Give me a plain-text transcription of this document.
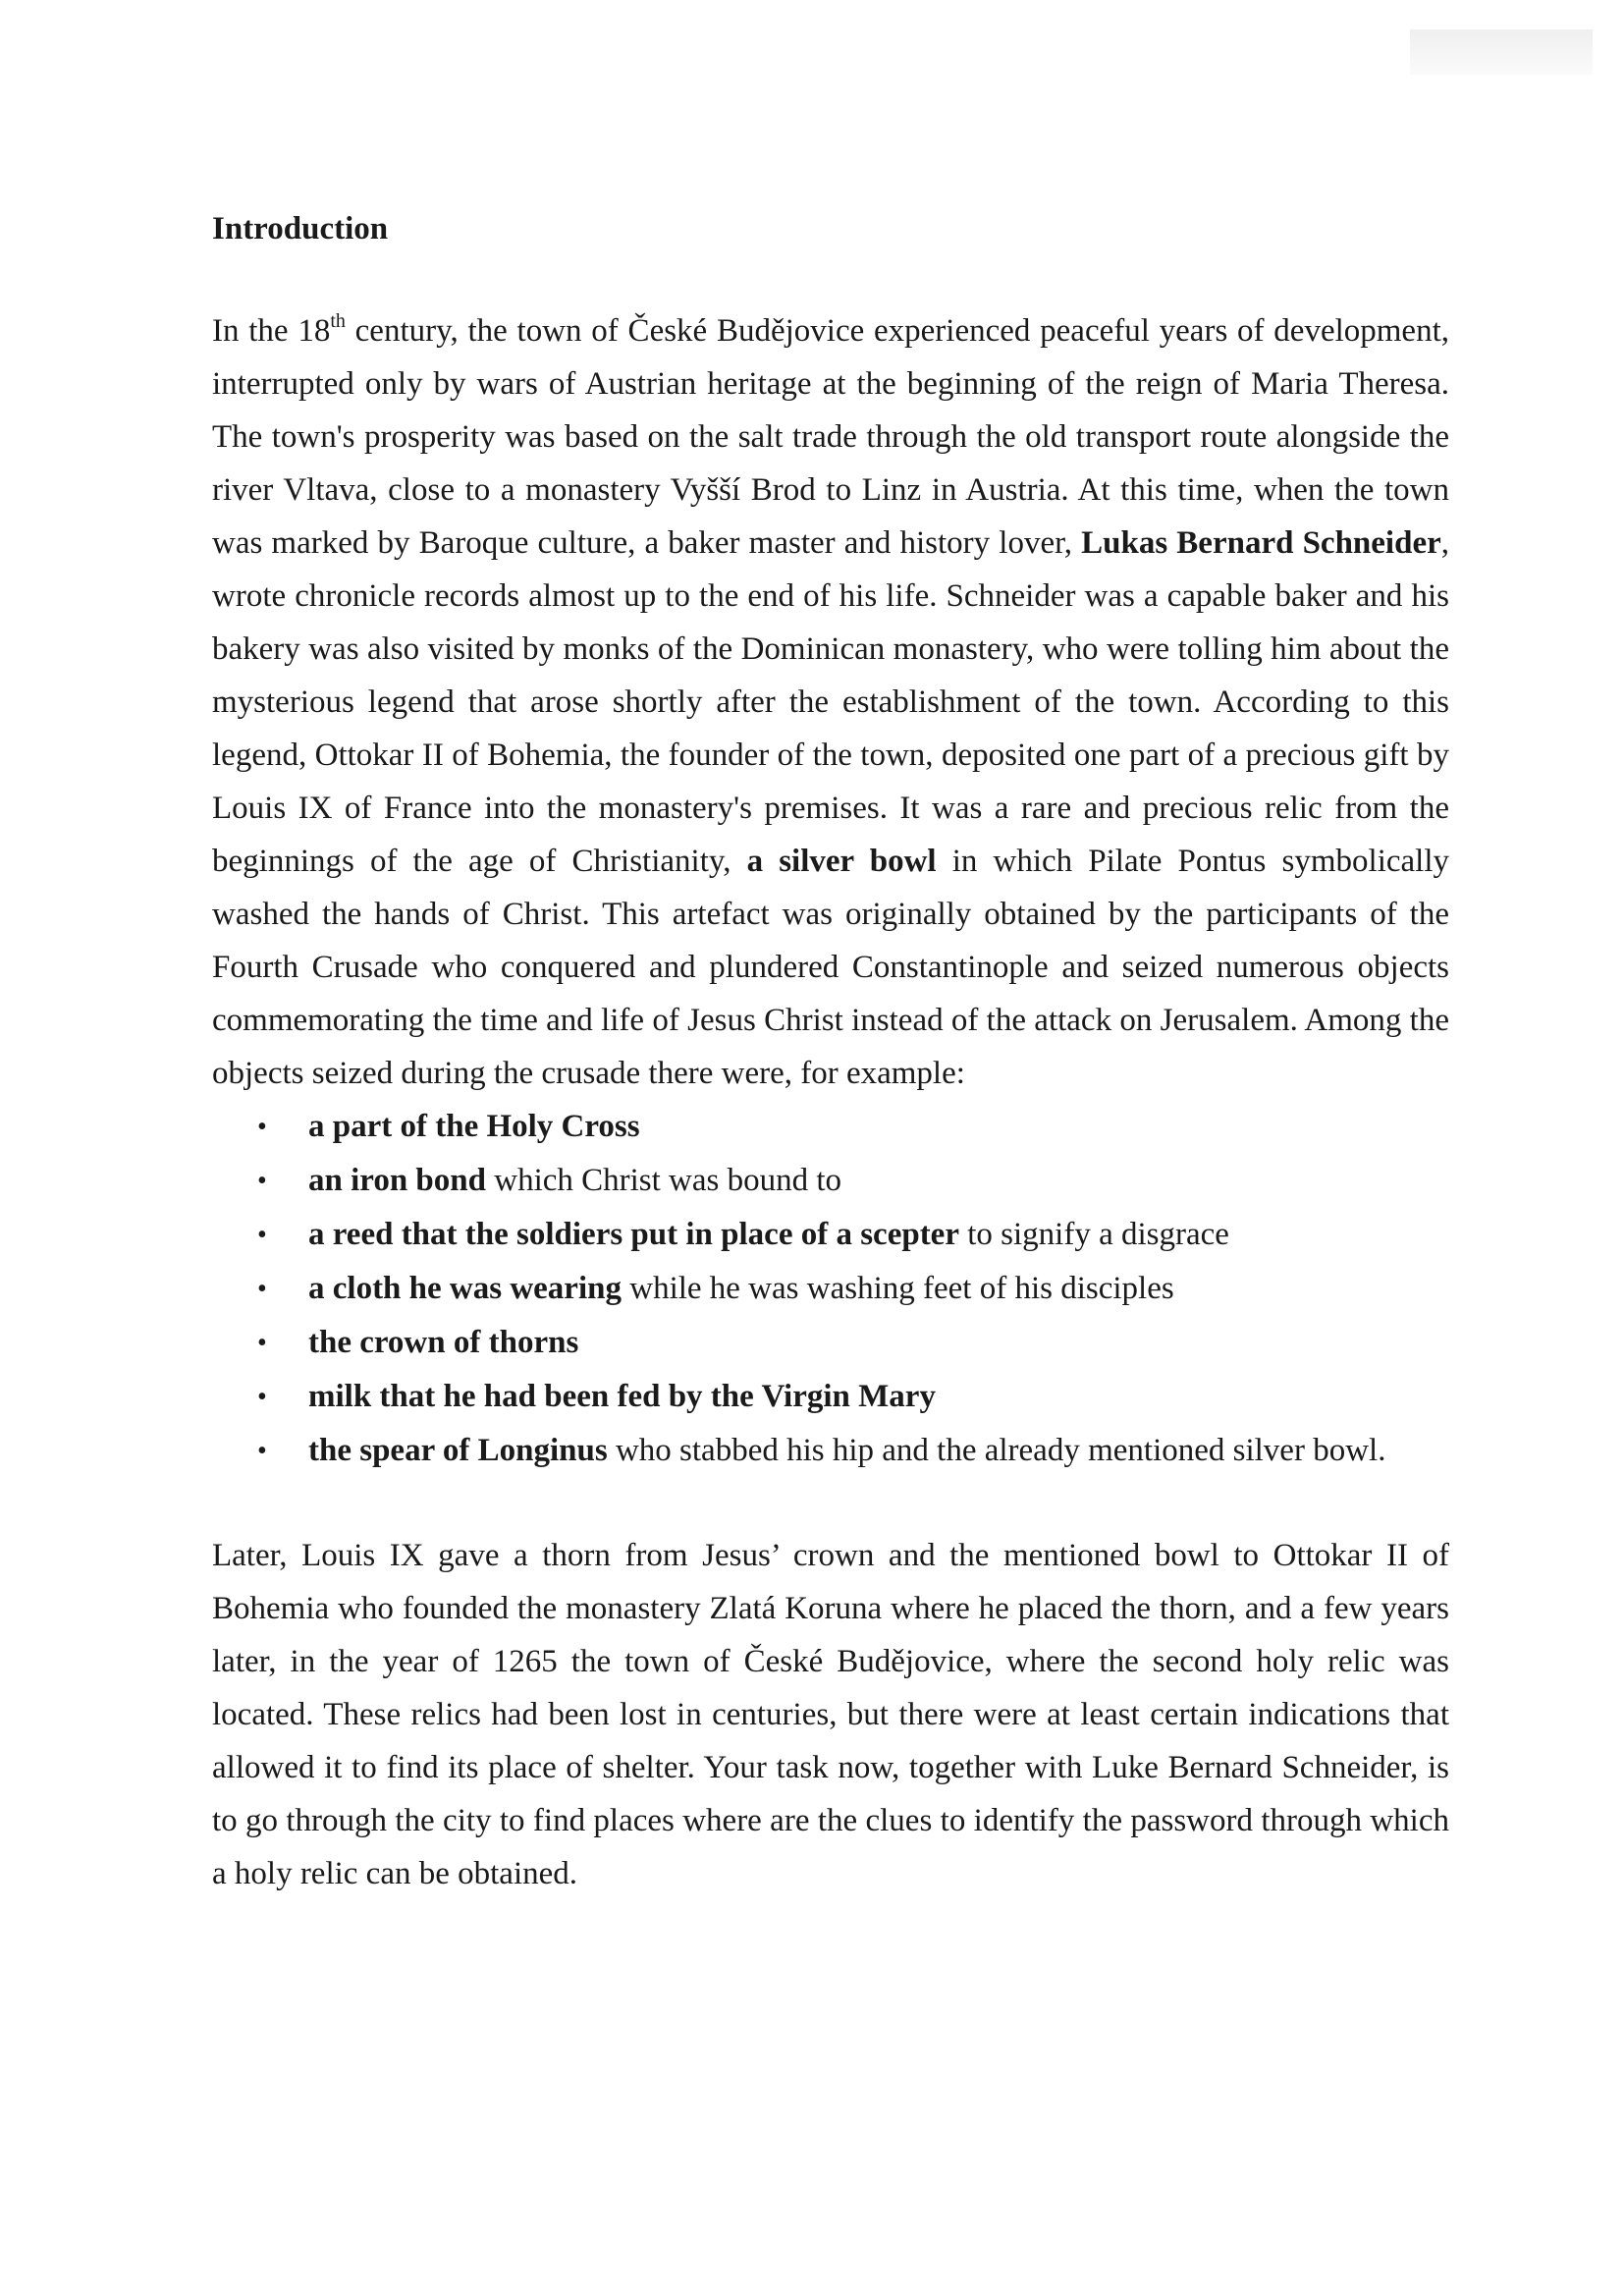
Introduction

In the 18th century, the town of České Budějovice experienced peaceful years of development, interrupted only by wars of Austrian heritage at the beginning of the reign of Maria Theresa. The town's prosperity was based on the salt trade through the old transport route alongside the river Vltava, close to a monastery Vyšší Brod to Linz in Austria. At this time, when the town was marked by Baroque culture, a baker master and history lover, Lukas Bernard Schneider, wrote chronicle records almost up to the end of his life. Schneider was a capable baker and his bakery was also visited by monks of the Dominican monastery, who were tolling him about the mysterious legend that arose shortly after the establishment of the town. According to this legend, Ottokar II of Bohemia, the founder of the town, deposited one part of a precious gift by Louis IX of France into the monastery's premises. It was a rare and precious relic from the beginnings of the age of Christianity, a silver bowl in which Pilate Pontus symbolically washed the hands of Christ. This artefact was originally obtained by the participants of the Fourth Crusade who conquered and plundered Constantinople and seized numerous objects commemorating the time and life of Jesus Christ instead of the attack on Jerusalem. Among the objects seized during the crusade there were, for example:

• a part of the Holy Cross
• an iron bond which Christ was bound to
• a reed that the soldiers put in place of a scepter to signify a disgrace
• a cloth he was wearing while he was washing feet of his disciples
• the crown of thorns
• milk that he had been fed by the Virgin Mary
• the spear of Longinus who stabbed his hip and the already mentioned silver bowl.

Later, Louis IX gave a thorn from Jesus’ crown and the mentioned bowl to Ottokar II of Bohemia who founded the monastery Zlatá Koruna where he placed the thorn, and a few years later, in the year of 1265 the town of České Budějovice, where the second holy relic was located. These relics had been lost in centuries, but there were at least certain indications that allowed it to find its place of shelter. Your task now, together with Luke Bernard Schneider, is to go through the city to find places where are the clues to identify the password through which a holy relic can be obtained.
